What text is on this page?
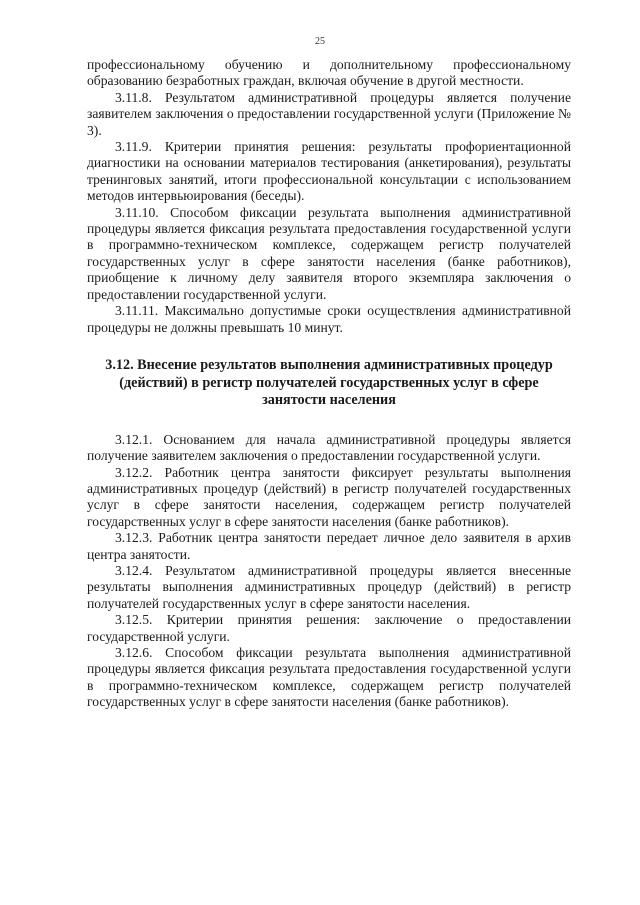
25

профессиональному обучению и дополнительному профессиональному образованию безработных граждан, включая обучение в другой местности.

3.11.8. Результатом административной процедуры является получение заявителем заключения о предоставлении государственной услуги (Приложение № 3).

3.11.9. Критерии принятия решения: результаты профориентационной диагностики на основании материалов тестирования (анкетирования), результаты тренинговых занятий, итоги профессиональной консультации с использованием методов интервьюирования (беседы).

3.11.10. Способом фиксации результата выполнения административной процедуры является фиксация результата предоставления государственной услуги в программно-техническом комплексе, содержащем регистр получателей государственных услуг в сфере занятости населения (банке работников), приобщение к личному делу заявителя второго экземпляра заключения о предоставлении государственной услуги.

3.11.11. Максимально допустимые сроки осуществления административной процедуры не должны превышать 10 минут.

3.12. Внесение результатов выполнения административных процедур (действий) в регистр получателей государственных услуг в сфере занятости населения

3.12.1. Основанием для начала административной процедуры является получение заявителем заключения о предоставлении государственной услуги.

3.12.2. Работник центра занятости фиксирует результаты выполнения административных процедур (действий) в регистр получателей государственных услуг в сфере занятости населения, содержащем регистр получателей государственных услуг в сфере занятости населения (банке работников).

3.12.3. Работник центра занятости передает личное дело заявителя в архив центра занятости.

3.12.4. Результатом административной процедуры является внесенные результаты выполнения административных процедур (действий) в регистр получателей государственных услуг в сфере занятости населения.

3.12.5. Критерии принятия решения: заключение о предоставлении государственной услуги.

3.12.6. Способом фиксации результата выполнения административной процедуры является фиксация результата предоставления государственной услуги в программно-техническом комплексе, содержащем регистр получателей государственных услуг в сфере занятости населения (банке работников).
